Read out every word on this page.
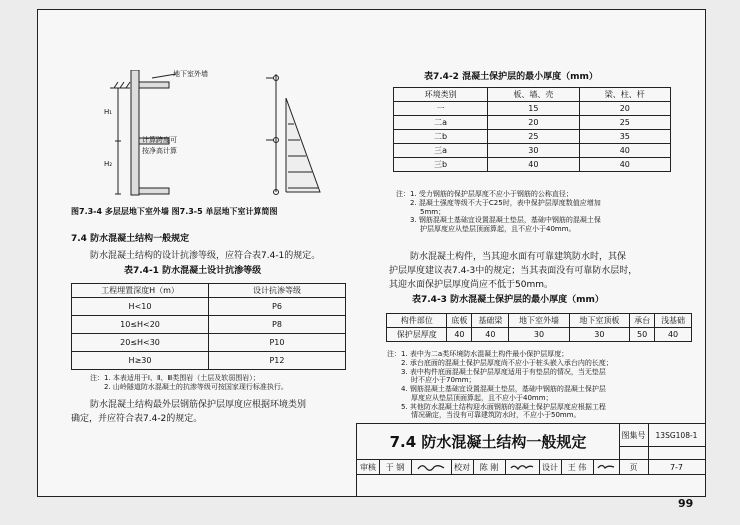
地下室外墙
H₁
H₂
计算跨度可
按净高计算
图7.3-4 多层层地下室外墙 图7.3-5 单层地下室计算简图
7.4 防水混凝土结构一般规定
防水混凝土结构的设计抗渗等级，应符合表7.4-1的规定。
表7.4-1 防水混凝土设计抗渗等级
工程埋置深度H（m）	设计抗渗等级
H<10	P6
10≤H<20	P8
20≤H<30	P10
H≥30	P12
注：1. 本表适用于Ⅰ、Ⅱ、Ⅲ类围岩（土层及软弱围岩）；
2. 山岭隧道防水混凝土的抗渗等级可按国家现行标准执行。
防水混凝土结构最外层钢筋保护层厚度应根据环境类别
确定，并应符合表7.4-2的规定。
表7.4-2 混凝土保护层的最小厚度（mm）
环境类别	板、墙、壳	梁、柱、杆
一	15	20
二a	20	25
二b	25	35
三a	30	40
三b	40	40
注：1. 受力钢筋的保护层厚度不应小于钢筋的公称直径；
2. 混凝土强度等级不大于C25时，表中保护层厚度数值应增加
5mm；
3. 钢筋混凝土基础宜设置混凝土垫层，基础中钢筋的混凝土保
护层厚度应从垫层顶面算起，且不应小于40mm。
防水混凝土构件，当其迎水面有可靠建筑防水时，其保
护层厚度建议表7.4-3中的规定；当其表面没有可靠防水层时，
其迎水面保护层厚度尚应不低于50mm。
表7.4-3 防水混凝土保护层的最小厚度（mm）
构件部位	底板	基础梁	地下室外墙	地下室顶板	承台	浅基础
保护层厚度	40	40	30	30	50	40
注：1. 表中为二a类环境防水混凝土构件最小保护层厚度；
2. 承台底面的混凝土保护层厚度尚不应小于桩头嵌入承台内的长度；
3. 表中构件底面混凝土保护层厚度适用于有垫层的情况，当无垫层
时不应小于70mm；
4. 钢筋混凝土基础宜设置混凝土垫层，基础中钢筋的混凝土保护层
厚度应从垫层顶面算起，且不应小于40mm；
5. 其他防水混凝土结构迎水面钢筋的混凝土保护层厚度应根据工程
情况确定，当没有可靠建筑防水时，不应小于50mm。
7.4 防水混凝土结构一般规定	图集号	13SG108-1
审核	于 钢	校对	陈 刚	设计	王 伟	页	7-7
99
